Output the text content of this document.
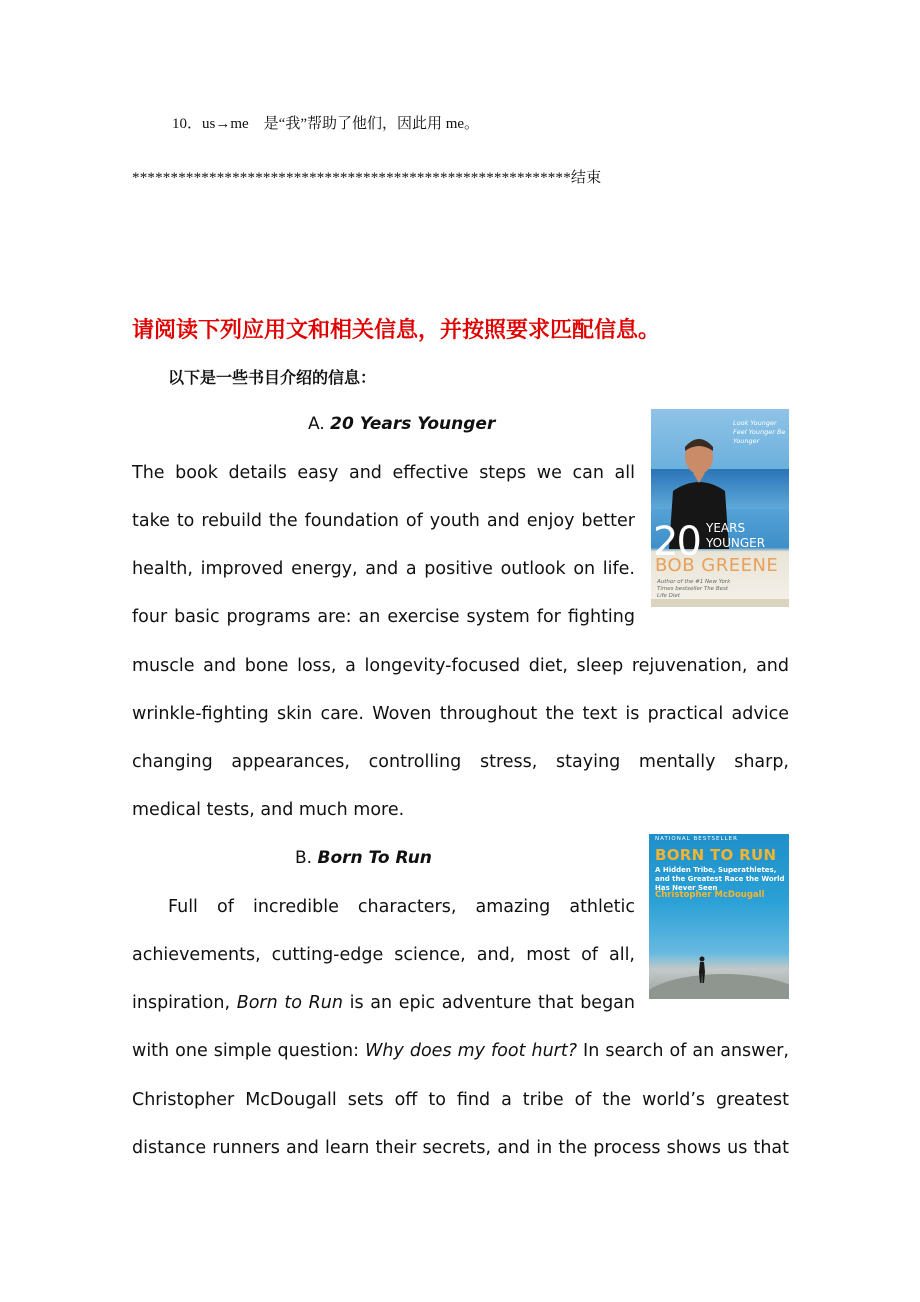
10．us→me　是“我”帮助了他们，因此用 me。
*********************************************************结束
请阅读下列应用文和相关信息，并按照要求匹配信息。
以下是一些书目介绍的信息：
A. 20 Years Younger	Look Younger Feel Younger Be Younger
20 YEARS
YOUNGER
BOB GREENE
Author of the #1 New York Times bestseller The Best Life Diet
The book details easy and effective steps we can all
take to rebuild the foundation of youth and enjoy better
health, improved energy, and a positive outlook on life.
four basic programs are: an exercise system for fighting
muscle and bone loss, a longevity-focused diet, sleep rejuvenation, and
wrinkle-fighting skin care. Woven throughout the text is practical advice
changing appearances, controlling stress, staying mentally sharp,
medical tests, and much more.
B. Born To Run
NATIONAL BESTSELLER
BORN TO RUN
A Hidden Tribe, Superathletes, and the Greatest Race the World Has Never Seen
Christopher McDougall
Full of incredible characters, amazing athletic
achievements, cutting-edge science, and, most of all,
inspiration, Born to Run is an epic adventure that began
with one simple question: Why does my foot hurt? In search of an answer,
Christopher McDougall sets off to find a tribe of the world’s greatest
distance runners and learn their secrets, and in the process shows us that
